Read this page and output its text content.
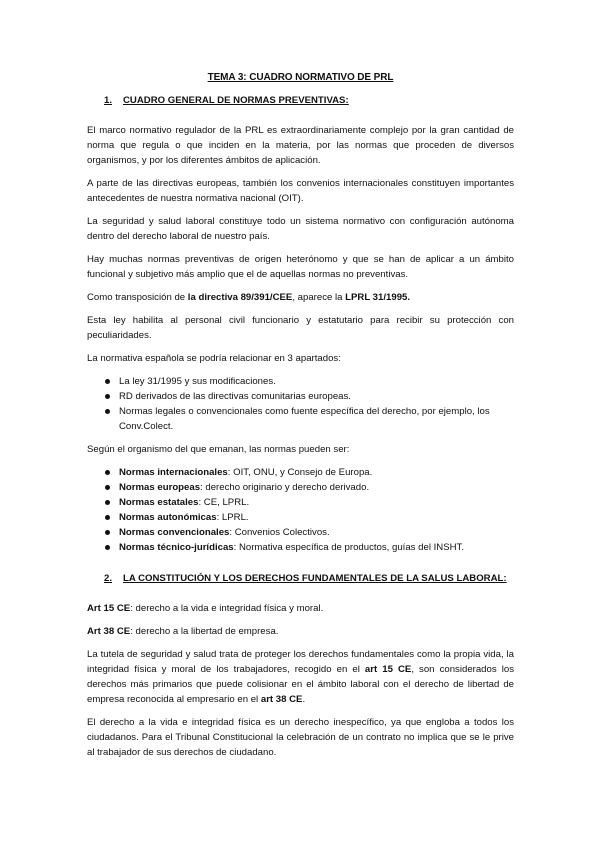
TEMA 3: CUADRO NORMATIVO DE PRL
1.	CUADRO GENERAL DE NORMAS PREVENTIVAS:

El marco normativo regulador de la PRL es extraordinariamente complejo por la gran cantidad de norma que regula o que inciden en la materia, por las normas que proceden de diversos organismos, y por los diferentes ámbitos de aplicación.

A parte de las directivas europeas, también los convenios internacionales constituyen importantes antecedentes de nuestra normativa nacional (OIT).

La seguridad y salud laboral constituye todo un sistema normativo con configuración autónoma dentro del derecho laboral de nuestro país.

Hay muchas normas preventivas de origen heterónomo y que se han de aplicar a un ámbito funcional y subjetivo más amplio que el de aquellas normas no preventivas.

Como transposición de la directiva 89/391/CEE, aparece la LPRL 31/1995.

Esta ley habilita al personal civil funcionario y estatutario para recibir su protección con peculiaridades.

La normativa española se podría relacionar en 3 apartados:

La ley 31/1995 y sus modificaciones.
RD derivados de las directivas comunitarias europeas.
Normas legales o convencionales como fuente específica del derecho, por ejemplo, los Conv.Colect.

Según el organismo del que emanan, las normas pueden ser:

Normas internacionales: OIT, ONU, y Consejo de Europa.
Normas europeas: derecho originario y derecho derivado.
Normas estatales: CE, LPRL.
Normas autonómicas: LPRL.
Normas convencionales: Convenios Colectivos.
Normas técnico-jurídicas: Normativa específica de productos, guías del INSHT.
2.	LA CONSTITUCIÓN Y LOS DERECHOS FUNDAMENTALES DE LA SALUS LABORAL:

Art 15 CE: derecho a la vida e integridad física y moral.

Art 38 CE: derecho a la libertad de empresa.

La tutela de seguridad y salud trata de proteger los derechos fundamentales como la propia vida, la integridad física y moral de los trabajadores, recogido en el art 15 CE, son considerados los derechos más primarios que puede colisionar en el ámbito laboral con el derecho de libertad de empresa reconocida al empresario en el art 38 CE.

El derecho a la vida e integridad física es un derecho inespecífico, ya que engloba a todos los ciudadanos. Para el Tribunal Constitucional la celebración de un contrato no implica que se le prive al trabajador de sus derechos de ciudadano.
